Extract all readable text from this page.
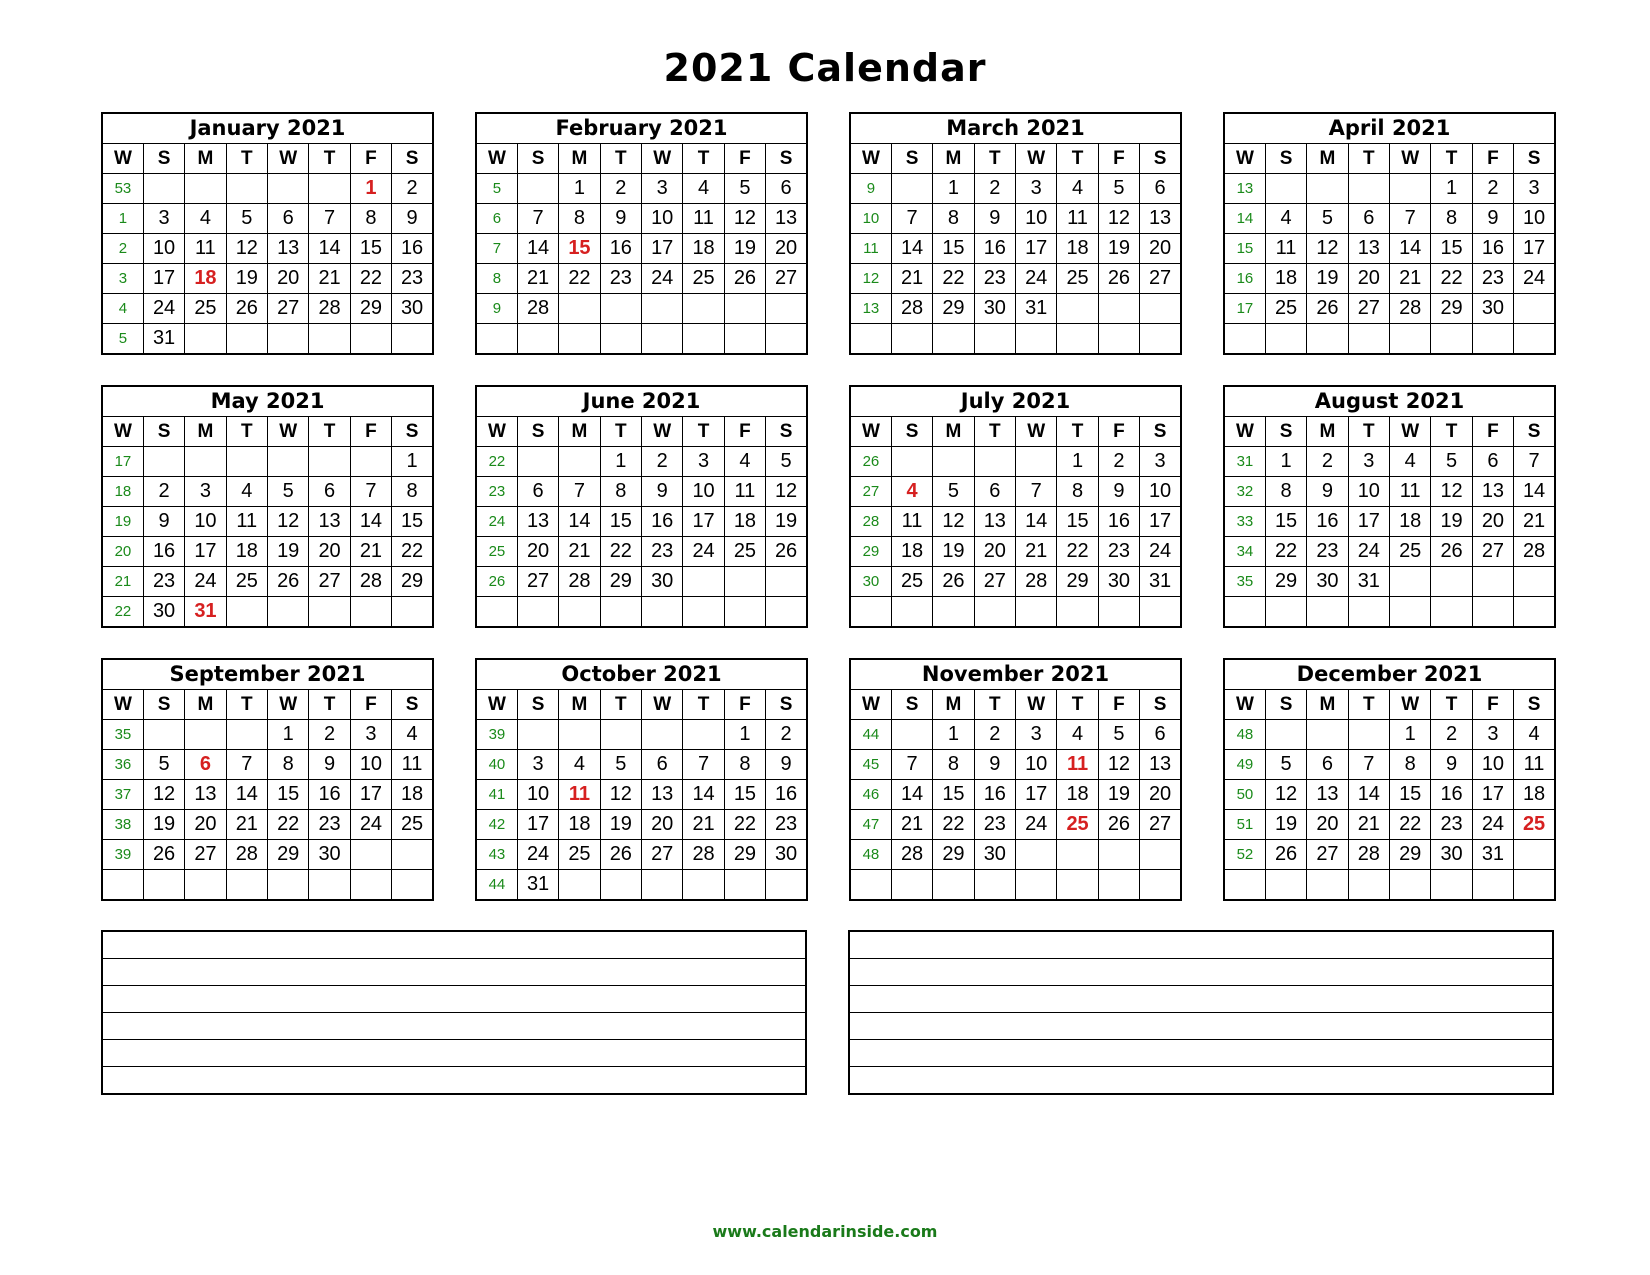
2021 Calendar
January 2021							
W	S	M	T	W	T	F	S
53						1	2
1	3	4	5	6	7	8	9
2	10	11	12	13	14	15	16
3	17	18	19	20	21	22	23
4	24	25	26	27	28	29	30
5	31						
February 2021							
W	S	M	T	W	T	F	S
5		1	2	3	4	5	6
6	7	8	9	10	11	12	13
7	14	15	16	17	18	19	20
8	21	22	23	24	25	26	27
9	28						

March 2021							
W	S	M	T	W	T	F	S
9		1	2	3	4	5	6
10	7	8	9	10	11	12	13
11	14	15	16	17	18	19	20
12	21	22	23	24	25	26	27
13	28	29	30	31			

April 2021							
W	S	M	T	W	T	F	S
13					1	2	3
14	4	5	6	7	8	9	10
15	11	12	13	14	15	16	17
16	18	19	20	21	22	23	24
17	25	26	27	28	29	30	

May 2021							
W	S	M	T	W	T	F	S
17							1
18	2	3	4	5	6	7	8
19	9	10	11	12	13	14	15
20	16	17	18	19	20	21	22
21	23	24	25	26	27	28	29
22	30	31					
June 2021							
W	S	M	T	W	T	F	S
22			1	2	3	4	5
23	6	7	8	9	10	11	12
24	13	14	15	16	17	18	19
25	20	21	22	23	24	25	26
26	27	28	29	30			

July 2021							
W	S	M	T	W	T	F	S
26					1	2	3
27	4	5	6	7	8	9	10
28	11	12	13	14	15	16	17
29	18	19	20	21	22	23	24
30	25	26	27	28	29	30	31

August 2021							
W	S	M	T	W	T	F	S
31	1	2	3	4	5	6	7
32	8	9	10	11	12	13	14
33	15	16	17	18	19	20	21
34	22	23	24	25	26	27	28
35	29	30	31				

September 2021							
W	S	M	T	W	T	F	S
35				1	2	3	4
36	5	6	7	8	9	10	11
37	12	13	14	15	16	17	18
38	19	20	21	22	23	24	25
39	26	27	28	29	30		

October 2021							
W	S	M	T	W	T	F	S
39						1	2
40	3	4	5	6	7	8	9
41	10	11	12	13	14	15	16
42	17	18	19	20	21	22	23
43	24	25	26	27	28	29	30
44	31						
November 2021							
W	S	M	T	W	T	F	S
44		1	2	3	4	5	6
45	7	8	9	10	11	12	13
46	14	15	16	17	18	19	20
47	21	22	23	24	25	26	27
48	28	29	30				

December 2021							
W	S	M	T	W	T	F	S
48				1	2	3	4
49	5	6	7	8	9	10	11
50	12	13	14	15	16	17	18
51	19	20	21	22	23	24	25
52	26	27	28	29	30	31	

www.calendarinside.com
